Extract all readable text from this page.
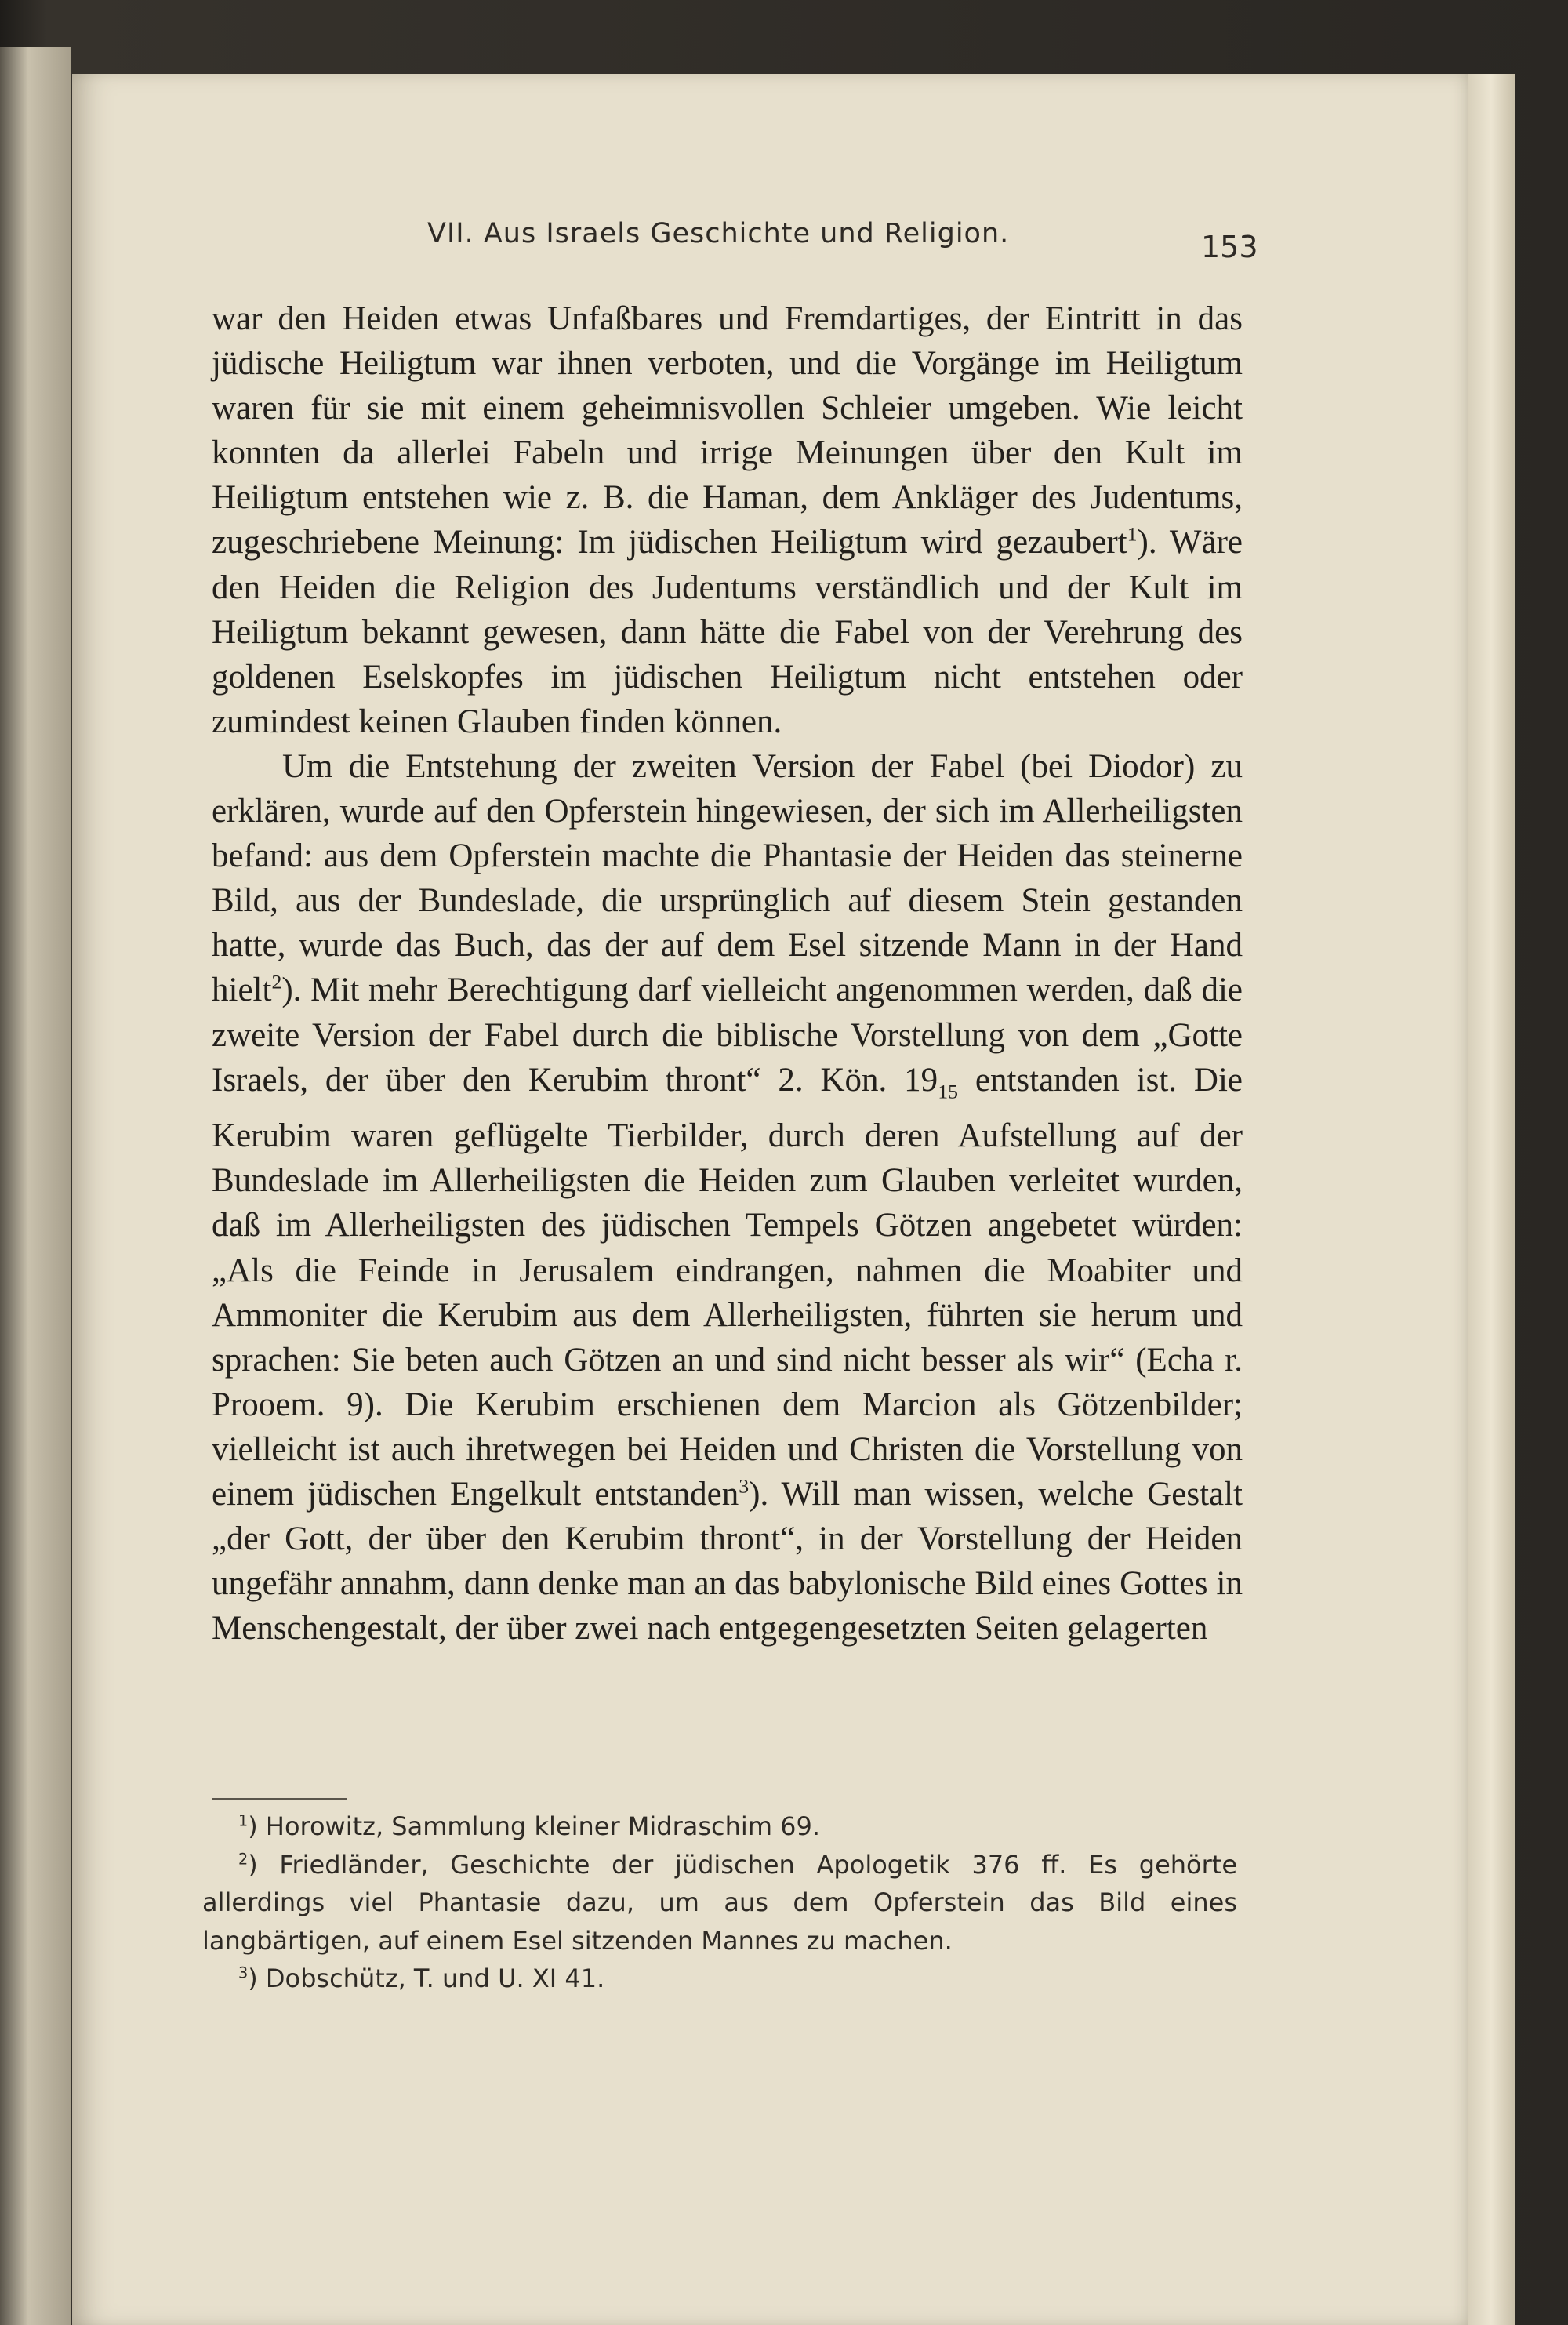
VII. Aus Israels Geschichte und Religion.	153

war den Heiden etwas Unfaßbares und Fremdartiges, der Eintritt in das jüdische Heiligtum war ihnen verboten, und die Vorgänge im Heiligtum waren für sie mit einem geheimnisvollen Schleier umgeben. Wie leicht konnten da allerlei Fabeln und irrige Meinungen über den Kult im Heiligtum entstehen wie z. B. die Haman, dem Ankläger des Judentums, zugeschriebene Meinung: Im jüdischen Heiligtum wird gezaubert$^1$). Wäre den Heiden die Religion des Judentums verständlich und der Kult im Heiligtum bekannt gewesen, dann hätte die Fabel von der Verehrung des goldenen Eselskopfes im jüdischen Heiligtum nicht entstehen oder zumindest keinen Glauben finden können.

Um die Entstehung der zweiten Version der Fabel (bei Diodor) zu erklären, wurde auf den Opferstein hingewiesen, der sich im Allerheiligsten befand: aus dem Opferstein machte die Phantasie der Heiden das steinerne Bild, aus der Bundeslade, die ursprünglich auf diesem Stein gestanden hatte, wurde das Buch, das der auf dem Esel sitzende Mann in der Hand hielt$^2$). Mit mehr Berechtigung darf vielleicht angenommen werden, daß die zweite Version der Fabel durch die biblische Vorstellung von dem „Gotte Israels, der über den Kerubim thront“ 2. Kön. $19_{15}$ entstanden ist. Die Kerubim waren geflügelte Tierbilder, durch deren Aufstellung auf der Bundeslade im Allerheiligsten die Heiden zum Glauben verleitet wurden, daß im Allerheiligsten des jüdischen Tempels Götzen angebetet würden: „Als die Feinde in Jerusalem eindrangen, nahmen die Moabiter und Ammoniter die Kerubim aus dem Allerheiligsten, führten sie herum und sprachen: Sie beten auch Götzen an und sind nicht besser als wir“ (Echa r. Prooem. 9). Die Kerubim erschienen dem Marcion als Götzenbilder; vielleicht ist auch ihretwegen bei Heiden und Christen die Vorstellung von einem jüdischen Engelkult entstanden$^3$). Will man wissen, welche Gestalt „der Gott, der über den Kerubim thront“, in der Vorstellung der Heiden ungefähr annahm, dann denke man an das babylonische Bild eines Gottes in Menschengestalt, der über zwei nach entgegengesetzten Seiten gelagerten

$^1$) Horowitz, Sammlung kleiner Midraschim 69.

$^2$) Friedländer, Geschichte der jüdischen Apologetik 376 ff. Es gehörte allerdings viel Phantasie dazu, um aus dem Opferstein das Bild eines langbärtigen, auf einem Esel sitzenden Mannes zu machen.

$^3$) Dobschütz, T. und U. XI 41.
